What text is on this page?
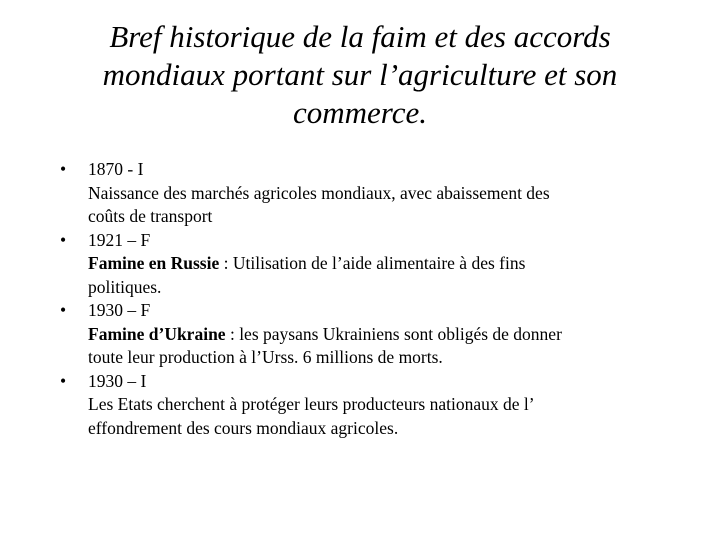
Bref historique de la faim et des accords
mondiaux portant sur l’agriculture et son
commerce.
•	1870 - I
Naissance des marchés agricoles mondiaux, avec abaissement des
coûts de transport
•	1921 – F
Famine en Russie : Utilisation de l’aide alimentaire à des fins
politiques.
•	1930 – F
Famine d’Ukraine : les paysans Ukrainiens sont obligés de donner
toute leur production à l’Urss. 6 millions de morts.
•	1930 – I
Les Etats cherchent à protéger leurs producteurs nationaux de l’
effondrement des cours mondiaux agricoles.
